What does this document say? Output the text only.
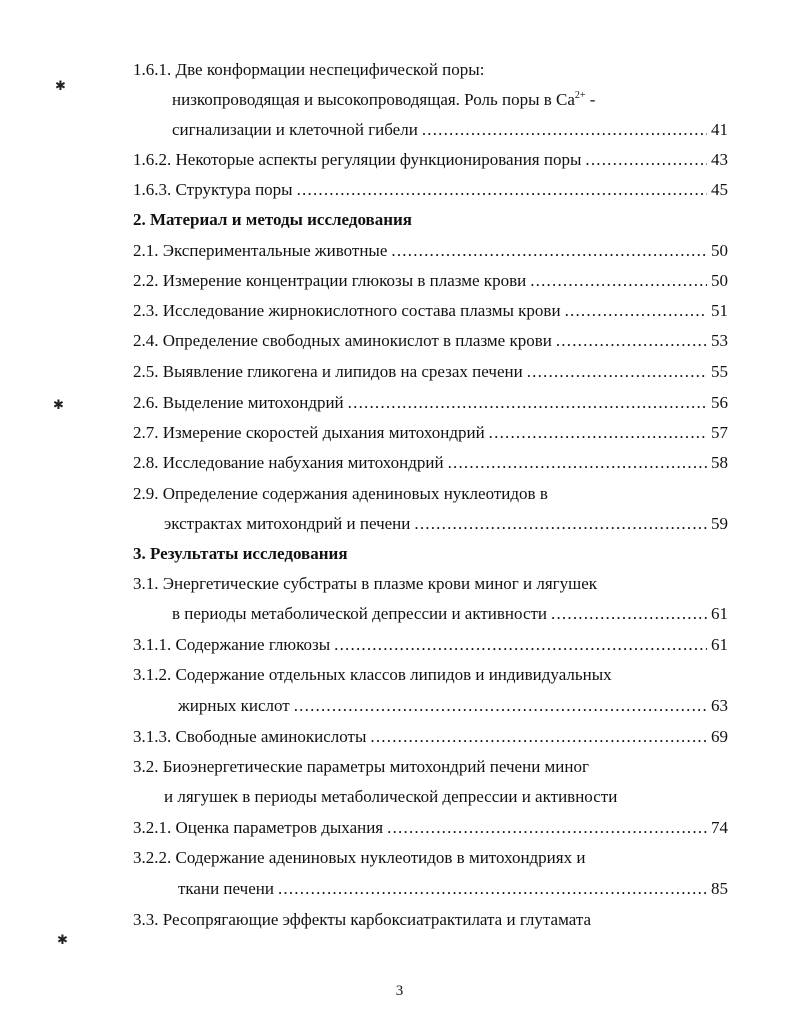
✱
✱
✱
1.6.1. Две конформации неспецифической поры:
низкопроводящая и высокопроводящая. Роль поры в $Ca^{2+}$ -
сигнализации и клеточной гибели .....	41
1.6.2. Некоторые аспекты регуляции функционирования поры .....	43
1.6.3. Структура поры .....	45
2. Материал и методы исследования
2.1. Экспериментальные животные .....	50
2.2. Измерение концентрации глюкозы в плазме крови .....	50
2.3. Исследование жирнокислотного состава плазмы крови .....	51
2.4. Определение свободных аминокислот в плазме крови .....	53
2.5. Выявление гликогена и липидов на срезах печени .....	55
2.6. Выделение митохондрий .....	56
2.7. Измерение скоростей дыхания митохондрий .....	57
2.8. Исследование набухания митохондрий .....	58
2.9. Определение содержания адениновых нуклеотидов в
экстрактах митохондрий и печени .....	59
3. Результаты исследования
3.1. Энергетические субстраты в плазме крови миног и лягушек
в периоды метаболической депрессии и активности .....	61
3.1.1. Содержание глюкозы .....	61
3.1.2. Содержание отдельных классов липидов и индивидуальных
жирных кислот .....	63
3.1.3. Свободные аминокислоты .....	69
3.2. Биоэнергетические параметры митохондрий печени миног
и лягушек в периоды метаболической депрессии и активности
3.2.1. Оценка параметров дыхания .....	74
3.2.2. Содержание адениновых нуклеотидов в митохондриях и
ткани печени .....	85
3.3. Ресопрягающие эффекты карбоксиатрактилата и глутамата
3
